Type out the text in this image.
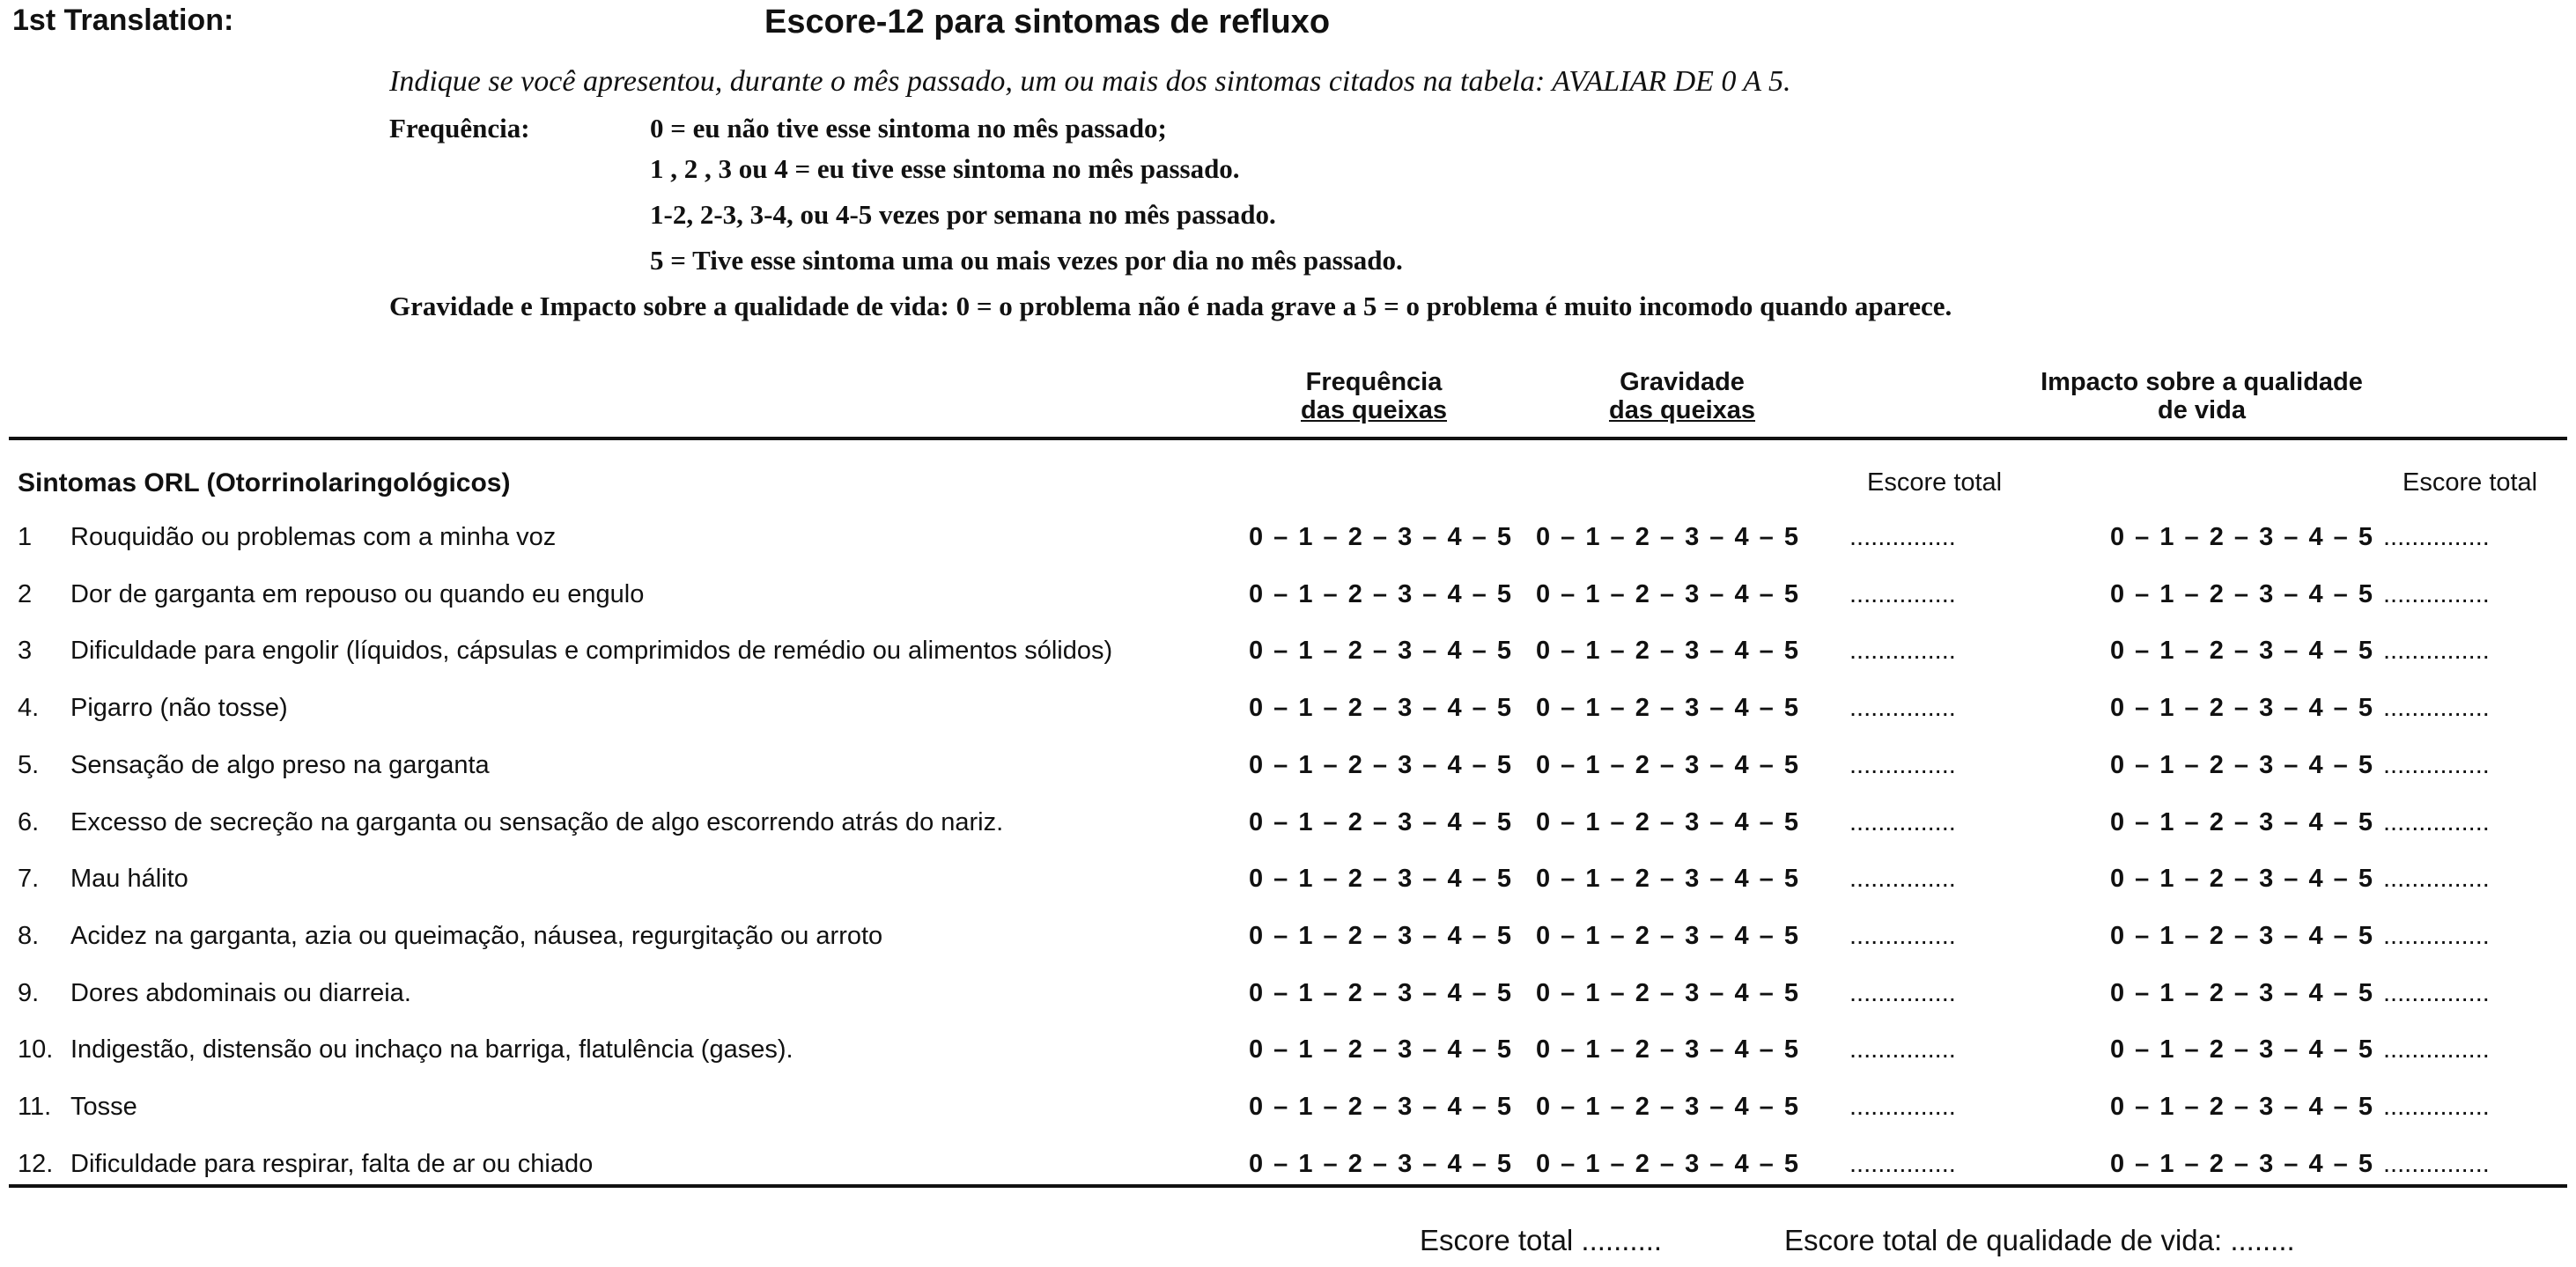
1st Translation:	Escore-12 para sintomas de refluxo
Indique se você apresentou, durante o mês passado, um ou mais dos sintomas citados na tabela: AVALIAR DE 0 A 5.
Frequência:	0 = eu não tive esse sintoma no mês passado;
1 , 2 , 3 ou 4 = eu tive esse sintoma no mês passado.
1-2, 2-3, 3-4, ou 4-5 vezes por semana no mês passado.
5 = Tive esse sintoma uma ou mais vezes por dia no mês passado.
Gravidade e Impacto sobre a qualidade de vida: 0 = o problema não é nada grave a 5 = o problema é muito incomodo quando aparece.
Frequência
das queixas
Gravidade
das queixas
Impacto sobre a qualidade
de vida
Sintomas ORL (Otorrinolaringológicos)	Escore total	Escore total
1 Rouquidão ou problemas com a minha voz	0 – 1 – 2 – 3 – 4 – 5 0 – 1 – 2 – 3 – 4 – 5 ...............	0 – 1 – 2 – 3 – 4 – 5 ...............
2 Dor de garganta em repouso ou quando eu engulo	0 – 1 – 2 – 3 – 4 – 5 0 – 1 – 2 – 3 – 4 – 5 ...............	0 – 1 – 2 – 3 – 4 – 5 ...............
3 Dificuldade para engolir (líquidos, cápsulas e comprimidos de remédio ou alimentos sólidos)	0 – 1 – 2 – 3 – 4 – 5 0 – 1 – 2 – 3 – 4 – 5 ...............	0 – 1 – 2 – 3 – 4 – 5 ...............
4. Pigarro (não tosse)	0 – 1 – 2 – 3 – 4 – 5 0 – 1 – 2 – 3 – 4 – 5 ...............	0 – 1 – 2 – 3 – 4 – 5 ...............
5. Sensação de algo preso na garganta	0 – 1 – 2 – 3 – 4 – 5 0 – 1 – 2 – 3 – 4 – 5 ...............	0 – 1 – 2 – 3 – 4 – 5 ...............
6. Excesso de secreção na garganta ou sensação de algo escorrendo atrás do nariz.	0 – 1 – 2 – 3 – 4 – 5 0 – 1 – 2 – 3 – 4 – 5 ...............	0 – 1 – 2 – 3 – 4 – 5 ...............
7. Mau hálito	0 – 1 – 2 – 3 – 4 – 5 0 – 1 – 2 – 3 – 4 – 5 ...............	0 – 1 – 2 – 3 – 4 – 5 ...............
8. Acidez na garganta, azia ou queimação, náusea, regurgitação ou arroto	0 – 1 – 2 – 3 – 4 – 5 0 – 1 – 2 – 3 – 4 – 5 ...............	0 – 1 – 2 – 3 – 4 – 5 ...............
9. Dores abdominais ou diarreia.	0 – 1 – 2 – 3 – 4 – 5 0 – 1 – 2 – 3 – 4 – 5 ...............	0 – 1 – 2 – 3 – 4 – 5 ...............
10. Indigestão, distensão ou inchaço na barriga, flatulência (gases).	0 – 1 – 2 – 3 – 4 – 5 0 – 1 – 2 – 3 – 4 – 5 ...............	0 – 1 – 2 – 3 – 4 – 5 ...............
11. Tosse	0 – 1 – 2 – 3 – 4 – 5 0 – 1 – 2 – 3 – 4 – 5 ...............	0 – 1 – 2 – 3 – 4 – 5 ...............
12. Dificuldade para respirar, falta de ar ou chiado	0 – 1 – 2 – 3 – 4 – 5 0 – 1 – 2 – 3 – 4 – 5 ...............	0 – 1 – 2 – 3 – 4 – 5 ...............
Escore total ..........	Escore total de qualidade de vida: ........
